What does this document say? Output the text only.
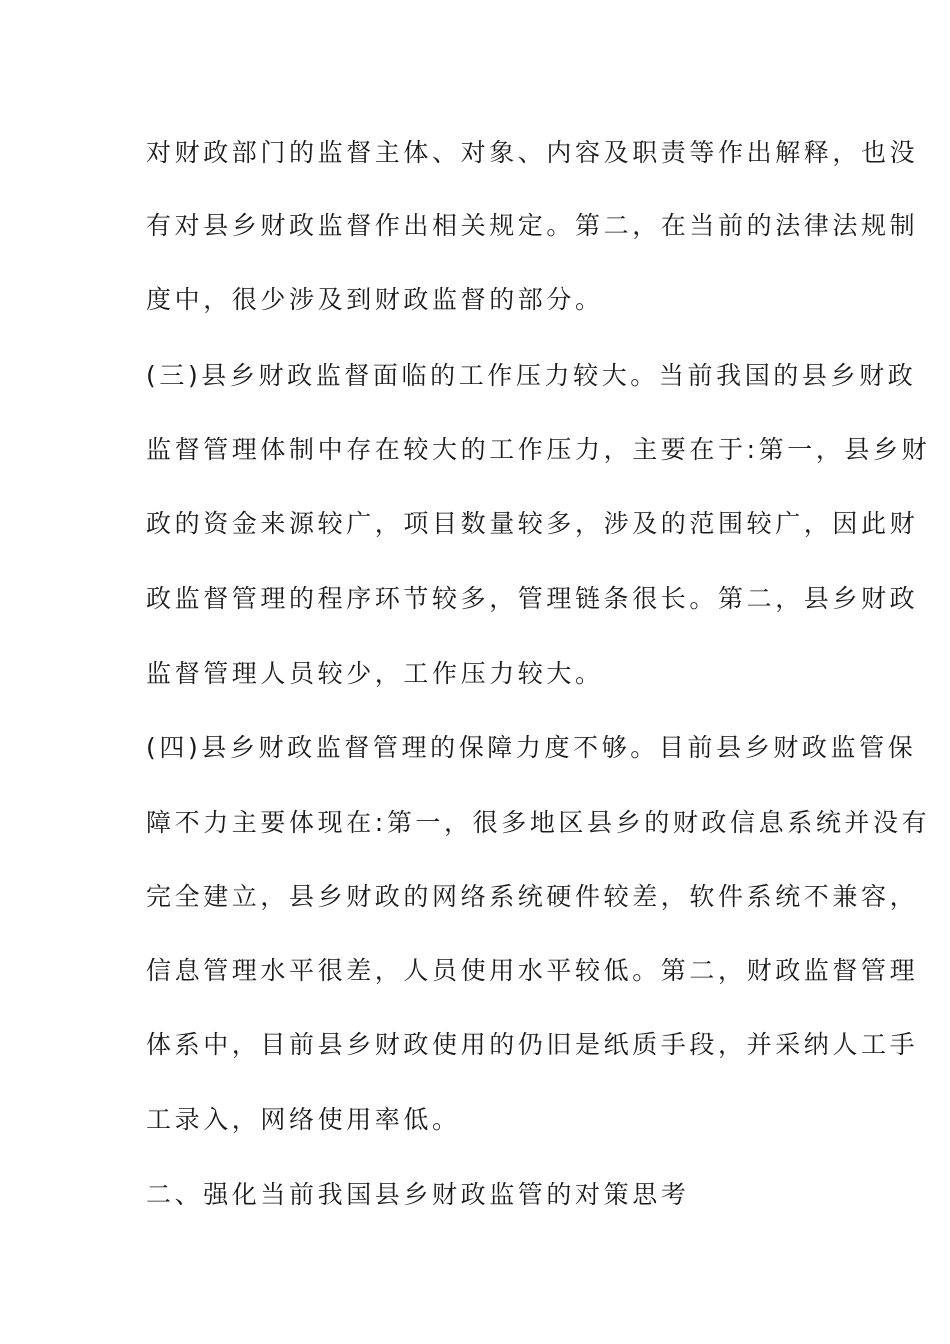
对财政部门的监督主体、对象、内容及职责等作出解释，也没
有对县乡财政监督作出相关规定。第二，在当前的法律法规制
度中，很少涉及到财政监督的部分。
(三)县乡财政监督面临的工作压力较大。当前我国的县乡财政
监督管理体制中存在较大的工作压力，主要在于:第一，县乡财
政的资金来源较广，项目数量较多，涉及的范围较广，因此财
政监督管理的程序环节较多，管理链条很长。第二，县乡财政
监督管理人员较少，工作压力较大。
(四)县乡财政监督管理的保障力度不够。目前县乡财政监管保
障不力主要体现在:第一，很多地区县乡的财政信息系统并没有
完全建立，县乡财政的网络系统硬件较差，软件系统不兼容，
信息管理水平很差，人员使用水平较低。第二，财政监督管理
体系中，目前县乡财政使用的仍旧是纸质手段，并采纳人工手
工录入，网络使用率低。
二、强化当前我国县乡财政监管的对策思考
